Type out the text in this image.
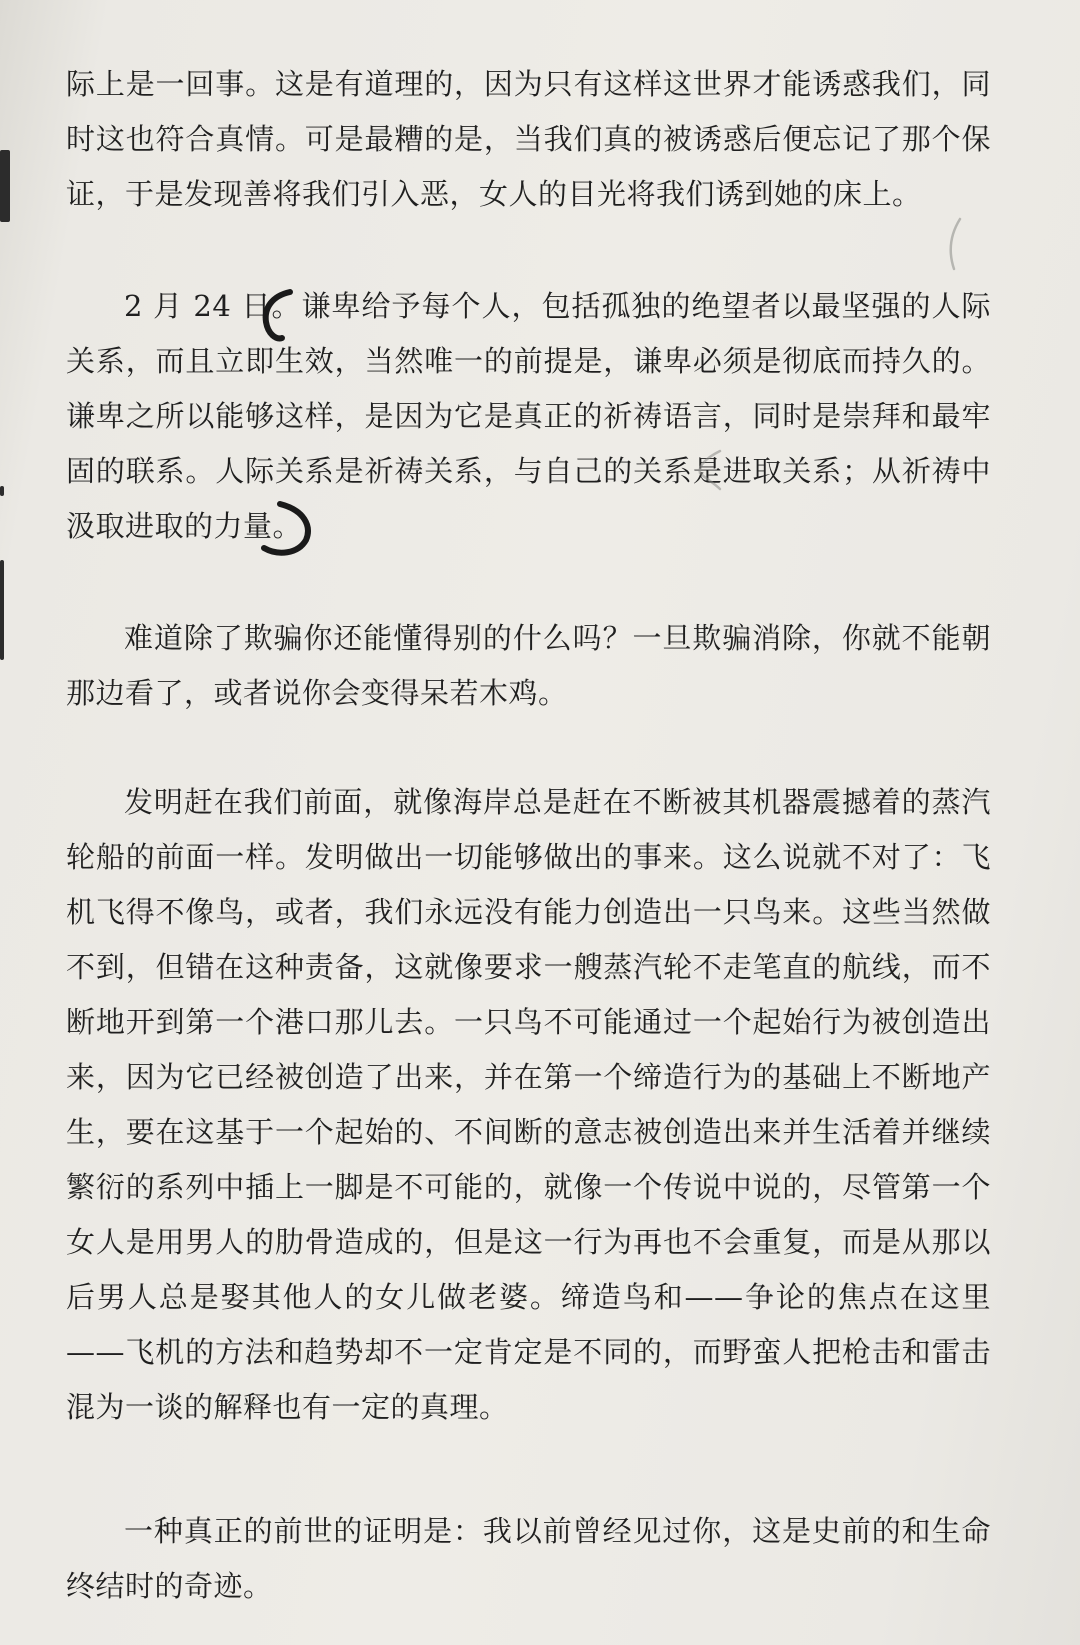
际上是一回事。这是有道理的，因为只有这样这世界才能诱惑我们，同时这也符合真情。可是最糟的是，当我们真的被诱惑后便忘记了那个保证，于是发现善将我们引入恶，女人的目光将我们诱到她的床上。

2 月 24 日。谦卑给予每个人，包括孤独的绝望者以最坚强的人际关系，而且立即生效，当然唯一的前提是，谦卑必须是彻底而持久的。谦卑之所以能够这样，是因为它是真正的祈祷语言，同时是崇拜和最牢固的联系。人际关系是祈祷关系，与自己的关系是进取关系；从祈祷中汲取进取的力量。

难道除了欺骗你还能懂得别的什么吗？一旦欺骗消除，你就不能朝那边看了，或者说你会变得呆若木鸡。

发明赶在我们前面，就像海岸总是赶在不断被其机器震撼着的蒸汽轮船的前面一样。发明做出一切能够做出的事来。这么说就不对了：飞机飞得不像鸟，或者，我们永远没有能力创造出一只鸟来。这些当然做不到，但错在这种责备，这就像要求一艘蒸汽轮不走笔直的航线，而不断地开到第一个港口那儿去。一只鸟不可能通过一个起始行为被创造出来，因为它已经被创造了出来，并在第一个缔造行为的基础上不断地产生，要在这基于一个起始的、不间断的意志被创造出来并生活着并继续繁衍的系列中插上一脚是不可能的，就像一个传说中说的，尽管第一个女人是用男人的肋骨造成的，但是这一行为再也不会重复，而是从那以后男人总是娶其他人的女儿做老婆。缔造鸟和——争论的焦点在这里——飞机的方法和趋势却不一定肯定是不同的，而野蛮人把枪击和雷击混为一谈的解释也有一定的真理。

一种真正的前世的证明是：我以前曾经见过你，这是史前的和生命终结时的奇迹。
